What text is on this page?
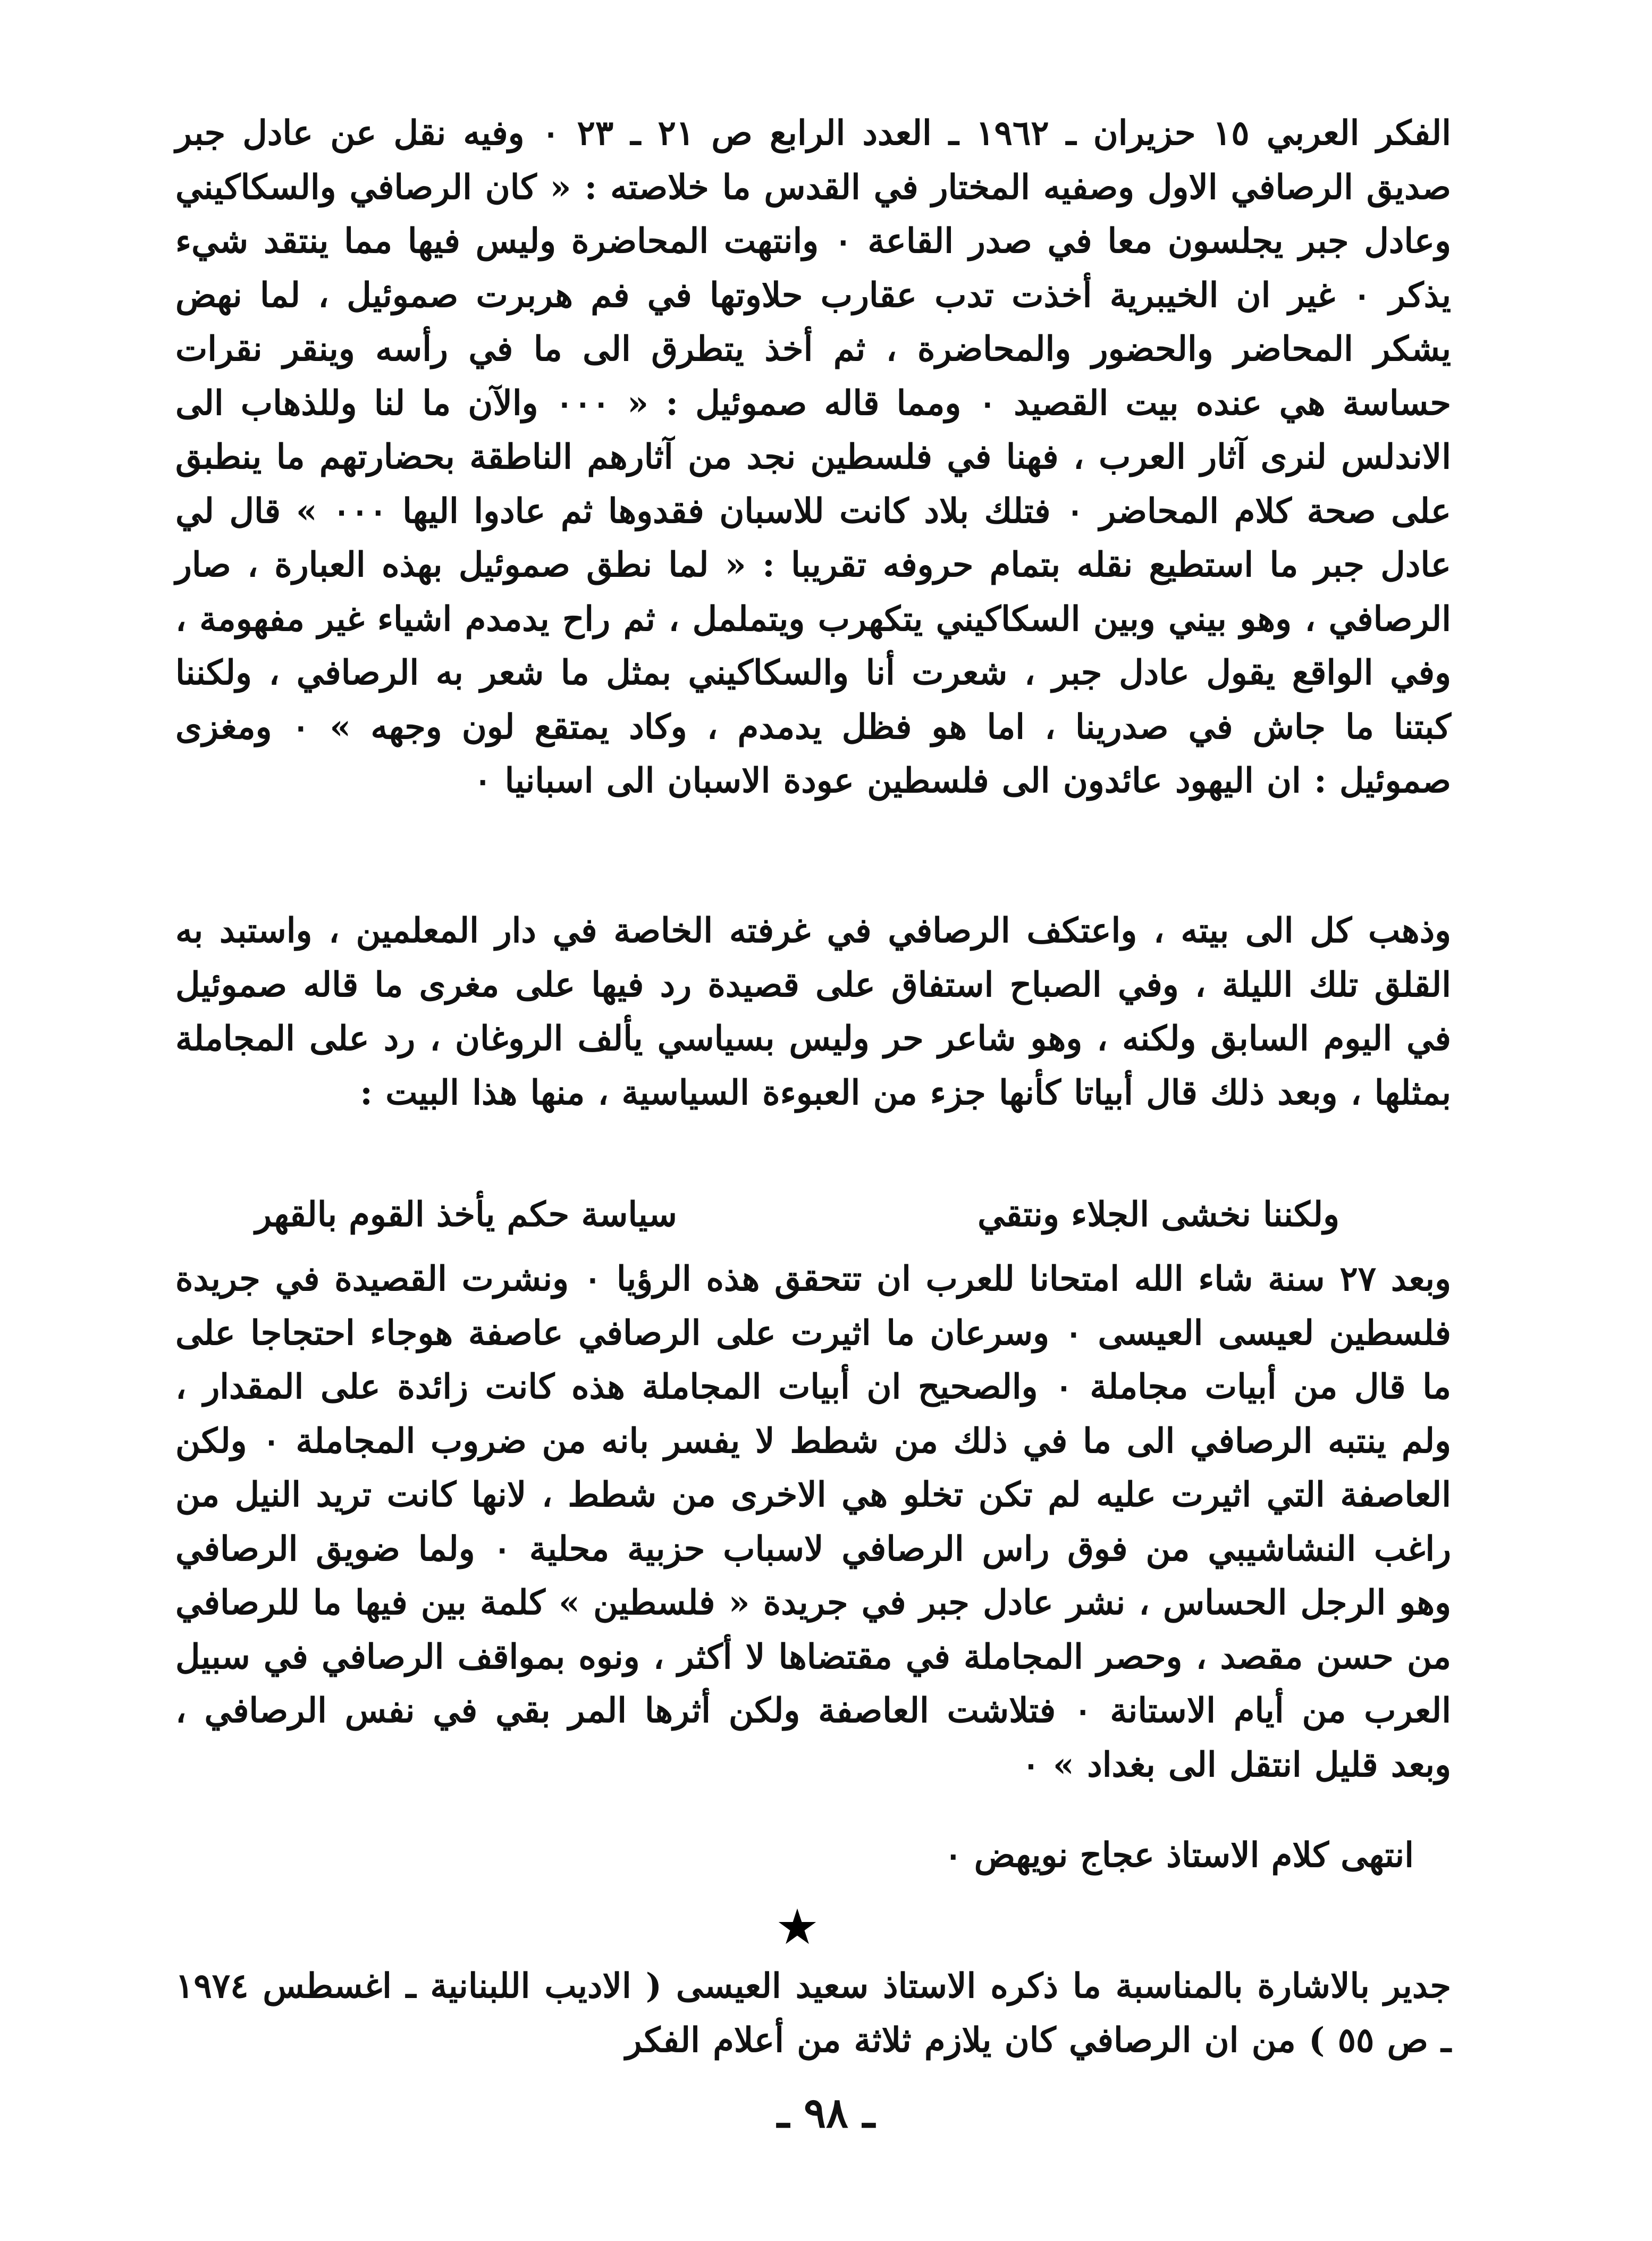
الفكر العربي ١٥ حزيران ـ ١٩٦٢ ـ العدد الرابع ص ٢١ ـ ٢٣ ٠ وفيه نقل عن عادل جبر صديق الرصافي الاول وصفيه المختار في القدس ما خلاصته : « كان الرصافي والسكاكيني وعادل جبر يجلسون معا في صدر القاعة ٠ وانتهت المحاضرة وليس فيها مما ينتقد شيء يذكر ٠ غير ان الخيبرية أخذت تدب عقارب حلاوتها في فم هربرت صموئيل ، لما نهض يشكر المحاضر والحضور والمحاضرة ، ثم أخذ يتطرق الى ما في رأسه وينقر نقرات حساسة هي عنده بيت القصيد ٠ ومما قاله صموئيل : « ٠٠٠ والآن ما لنا وللذهاب الى الاندلس لنرى آثار العرب ، فهنا في فلسطين نجد من آثارهم الناطقة بحضارتهم ما ينطبق على صحة كلام المحاضر ٠ فتلك بلاد كانت للاسبان فقدوها ثم عادوا اليها ٠٠٠ » قال لي عادل جبر ما استطيع نقله بتمام حروفه تقريبا : « لما نطق صموئيل بهذه العبارة ، صار الرصافي ، وهو بيني وبين السكاكيني يتكهرب ويتململ ، ثم راح يدمدم اشياء غير مفهومة ، وفي الواقع يقول عادل جبر ، شعرت أنا والسكاكيني بمثل ما شعر به الرصافي ، ولكننا كبتنا ما جاش في صدرينا ، اما هو فظل يدمدم ، وكاد يمتقع لون وجهه » ٠ ومغزى صموئيل : ان اليهود عائدون الى فلسطين عودة الاسبان الى اسبانيا ٠

وذهب كل الى بيته ، واعتكف الرصافي في غرفته الخاصة في دار المعلمين ، واستبد به القلق تلك الليلة ، وفي الصباح استفاق على قصيدة رد فيها على مغرى ما قاله صموئيل في اليوم السابق ولكنه ، وهو شاعر حر وليس بسياسي يألف الروغان ، رد على المجاملة بمثلها ، وبعد ذلك قال أبياتا كأنها جزء من العبوءة السياسية ، منها هذا البيت :

ولكننا نخشى الجلاء ونتقي
سياسة حكم يأخذ القوم بالقهر

وبعد ٢٧ سنة شاء الله امتحانا للعرب ان تتحقق هذه الرؤيا ٠ ونشرت القصيدة في جريدة فلسطين لعيسى العيسى ٠ وسرعان ما اثيرت على الرصافي عاصفة هوجاء احتجاجا على ما قال من أبيات مجاملة ٠ والصحيح ان أبيات المجاملة هذه كانت زائدة على المقدار ، ولم ينتبه الرصافي الى ما في ذلك من شطط لا يفسر بانه من ضروب المجاملة ٠ ولكن العاصفة التي اثيرت عليه لم تكن تخلو هي الاخرى من شطط ، لانها كانت تريد النيل من راغب النشاشيبي من فوق راس الرصافي لاسباب حزبية محلية ٠ ولما ضويق الرصافي وهو الرجل الحساس ، نشر عادل جبر في جريدة « فلسطين » كلمة بين فيها ما للرصافي من حسن مقصد ، وحصر المجاملة في مقتضاها لا أكثر ، ونوه بمواقف الرصافي في سبيل العرب من أيام الاستانة ٠ فتلاشت العاصفة ولكن أثرها المر بقي في نفس الرصافي ، وبعد قليل انتقل الى بغداد » ٠

انتهى كلام الاستاذ عجاج نويهض ٠
★

جدير بالاشارة بالمناسبة ما ذكره الاستاذ سعيد العيسى ( الاديب اللبنانية ـ اغسطس ١٩٧٤ ـ ص ٥٥ ) من ان الرصافي كان يلازم ثلاثة من أعلام الفكر

ـ ٩٨ ـ
